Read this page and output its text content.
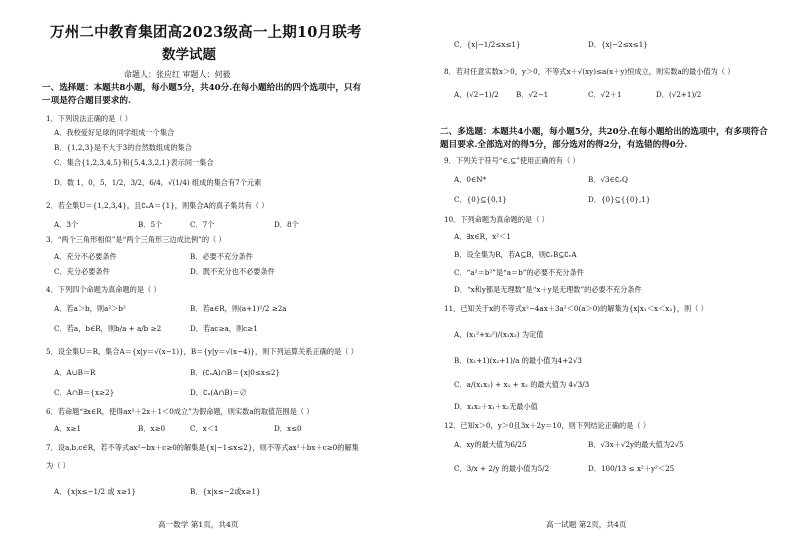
万州二中教育集团高2023级高一上期10月联考
数学试题
命题人：张应红 审题人：何毅
一、选择题：本题共8小题，每小题5分，共40分.在每小题给出的四个选项中，只有一项是符合题目要求的.
1．下列说法正确的是（ ）
A．我校爱好足球的同学组成一个集合
B．{1,2,3}是不大于3的自然数组成的集合
C．集合{1,2,3,4,5}和{5,4,3,2,1}表示同一集合
D．数 1，0，5，1/2，3/2，6/4，√(1/4) 组成的集合有7个元素
2．若全集U＝{1,2,3,4}，且∁ᵤA＝{1}，则集合A的真子集共有（ ）
A．3个	B．5个	C．7个	D．8个
3．“两个三角形相似”是“两个三角形三边成比例”的（ ）
A．充分不必要条件	B．必要不充分条件
C．充分必要条件	D．既不充分也不必要条件
4．下列四个命题为真命题的是（ ）
A．若a＞b，则a²＞b²	B．若a∈R，则(a+1)²/2 ≥2a
C．若a，b∈R，则b/a + a/b ≥2	D．若ac≥a，则c≥1
5．设全集U＝R，集合A＝{x|y＝√(x−1)}，B＝{y|y＝√(x−4)}，则下列运算关系正确的是（ ）
A．A∪B＝R	B．(∁ᵤA)∩B＝{x|0≤x≤2}
C．A∩B＝{x≥2}	D．∁ᵤ(A∩B)＝∅
6．若命题“∃x∈R，使得ax²＋2x＋1＜0成立”为假命题，则实数a的取值范围是（ ）
A．x≥1	B．x≥0	C．x＜1	D．x≤0
7．设a,b,c∈R，若不等式ax²−bx＋c≥0的解集是{x|−1≤x≤2}，则不等式ax²＋bx＋c≥0的解集
为（ ）
A．{x|x≤−1/2 或 x≥1}	B．{x|x≤−2或x≥1}
高一数学 第1页，共4页
C．{x|−1/2≤x≤1}	D．{x|−2≤x≤1}
8．若对任意实数x＞0，y＞0，不等式x＋√(xy)≤a(x＋y)恒成立，则实数a的最小值为（ ）
A．(√2−1)/2 B．√2−1	C．√2＋1	D．(√2+1)/2
二、多选题：本题共4小题，每小题5分，共20分.在每小题给出的选项中，有多项符合题目要求.全部选对的得5分，部分选对的得2分，有选错的得0分.
9．下列关于符号“∈,⊆”使用正确的有（ ）
A．0∈N*	B．√3∈∁ᵣQ
C．{0}⊆{0,1}	D．{0}⊆{{0},1}
10．下列命题为真命题的是（ ）
A．∃x∈R，x²＜1
B．设全集为R，若A⊆B，则∁ᵣB⊆∁ᵣA
C．“a²＝b²”是“a＝b”的必要不充分条件
D．“x和y都是无理数”是“x＋y是无理数”的必要不充分条件
11．已知关于x的不等式x²−4ax＋3a²＜0(a＞0)的解集为{x|x₁＜x＜x₂}，则（ ）
A．(x₁²+x₂²)/(x₁x₂) 为定值
B．(x₁+1)(x₂+1)/a 的最小值为4+2√3
C．a/(x₁x₂) + x₁ + x₂ 的最大值为 4√3/3
D．x₁x₂＋x₁＋x₂无最小值
12．已知x＞0，y＞0且3x＋2y＝10，则下列结论正确的是（ ）
A．xy的最大值为6/25	B．√3x＋√2y的最大值为2√5
C．3/x + 2/y 的最小值为5/2	D．100/13 ≤ x²＋y²＜25
高一试题 第2页，共4页
